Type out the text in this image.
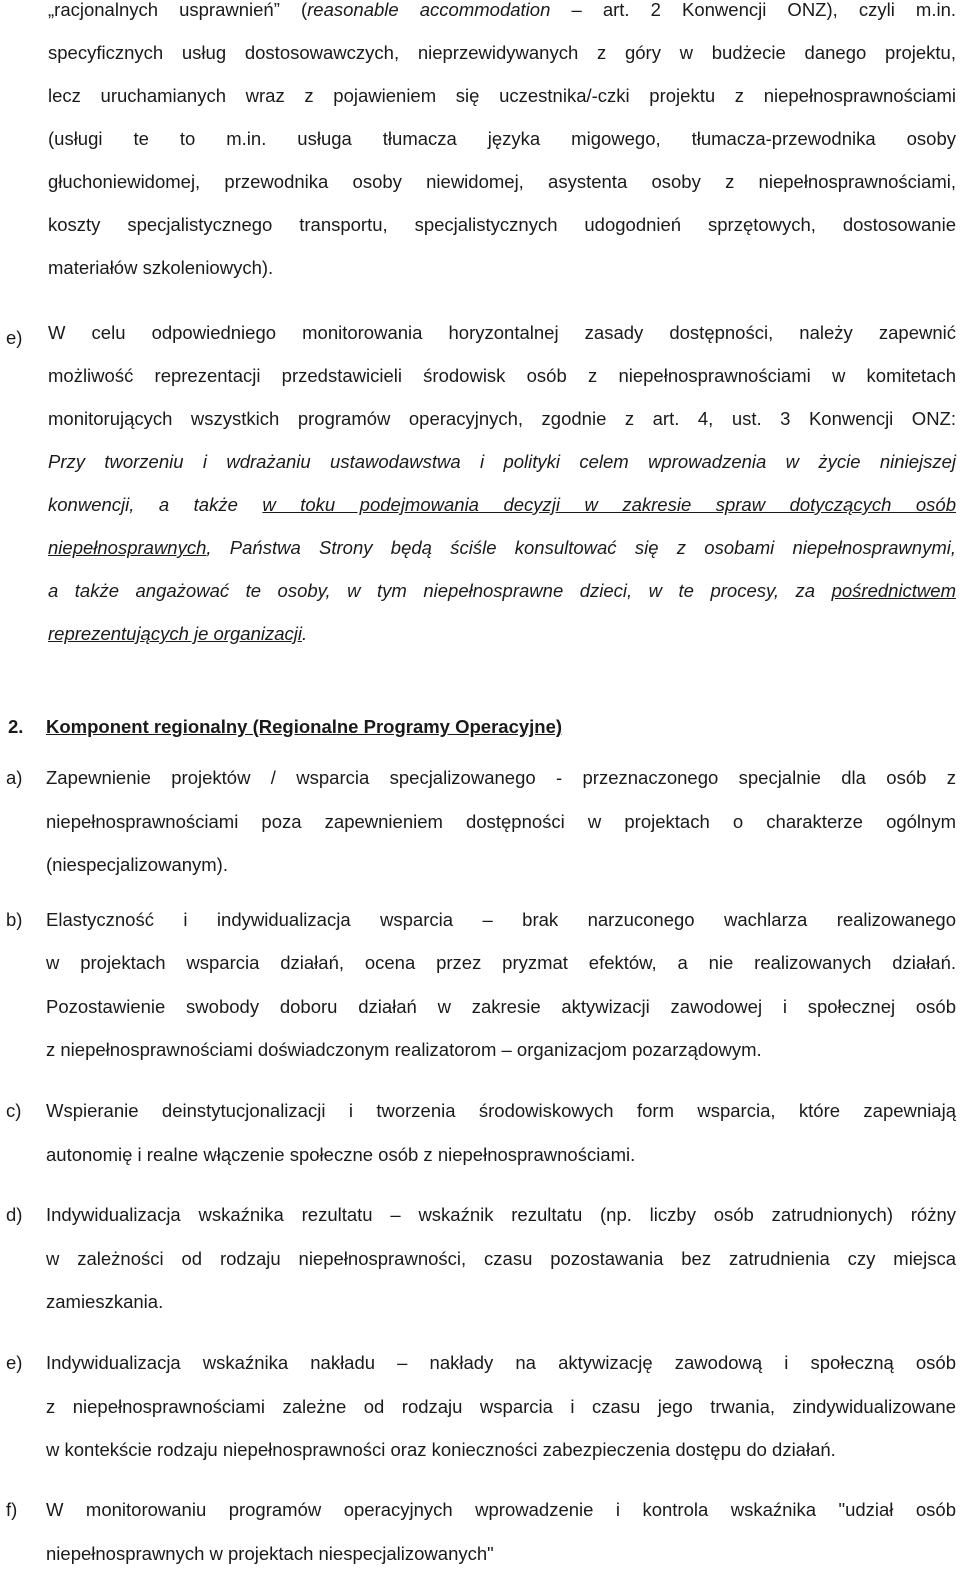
„racjonalnych usprawnień” (reasonable accommodation – art. 2 Konwencji ONZ), czyli m.in.
specyficznych usług dostosowawczych, nieprzewidywanych z góry w budżecie danego projektu,
lecz uruchamianych wraz z pojawieniem się uczestnika/-czki projektu z niepełnosprawnościami
(usługi te to m.in. usługa tłumacza języka migowego, tłumacza-przewodnika osoby
głuchoniewidomej, przewodnika osoby niewidomej, asystenta osoby z niepełnosprawnościami,
koszty specjalistycznego transportu, specjalistycznych udogodnień sprzętowych, dostosowanie
materiałów szkoleniowych).
e) W celu odpowiedniego monitorowania horyzontalnej zasady dostępności, należy zapewnić
możliwość reprezentacji przedstawicieli środowisk osób z niepełnosprawnościami w komitetach
monitorujących wszystkich programów operacyjnych, zgodnie z art. 4, ust. 3 Konwencji ONZ:
Przy tworzeniu i wdrażaniu ustawodawstwa i polityki celem wprowadzenia w życie niniejszej
konwencji, a także w toku podejmowania decyzji w zakresie spraw dotyczących osób
niepełnosprawnych, Państwa Strony będą ściśle konsultować się z osobami niepełnosprawnymi,
a także angażować te osoby, w tym niepełnosprawne dzieci, w te procesy, za pośrednictwem
reprezentujących je organizacji.
2. Komponent regionalny (Regionalne Programy Operacyjne)
a) Zapewnienie projektów / wsparcia specjalizowanego - przeznaczonego specjalnie dla osób z
niepełnosprawnościami poza zapewnieniem dostępności w projektach o charakterze ogólnym
(niespecjalizowanym).
b) Elastyczność i indywidualizacja wsparcia – brak narzuconego wachlarza realizowanego
w projektach wsparcia działań, ocena przez pryzmat efektów, a nie realizowanych działań.
Pozostawienie swobody doboru działań w zakresie aktywizacji zawodowej i społecznej osób
z niepełnosprawnościami doświadczonym realizatorom – organizacjom pozarządowym.
c) Wspieranie deinstytucjonalizacji i tworzenia środowiskowych form wsparcia, które zapewniają
autonomię i realne włączenie społeczne osób z niepełnosprawnościami.
d) Indywidualizacja wskaźnika rezultatu – wskaźnik rezultatu (np. liczby osób zatrudnionych) różny
w zależności od rodzaju niepełnosprawności, czasu pozostawania bez zatrudnienia czy miejsca
zamieszkania.
e) Indywidualizacja wskaźnika nakładu – nakłady na aktywizację zawodową i społeczną osób
z niepełnosprawnościami zależne od rodzaju wsparcia i czasu jego trwania, zindywidualizowane
w kontekście rodzaju niepełnosprawności oraz konieczności zabezpieczenia dostępu do działań.
f) W monitorowaniu programów operacyjnych wprowadzenie i kontrola wskaźnika "udział osób
niepełnosprawnych w projektach niespecjalizowanych"
